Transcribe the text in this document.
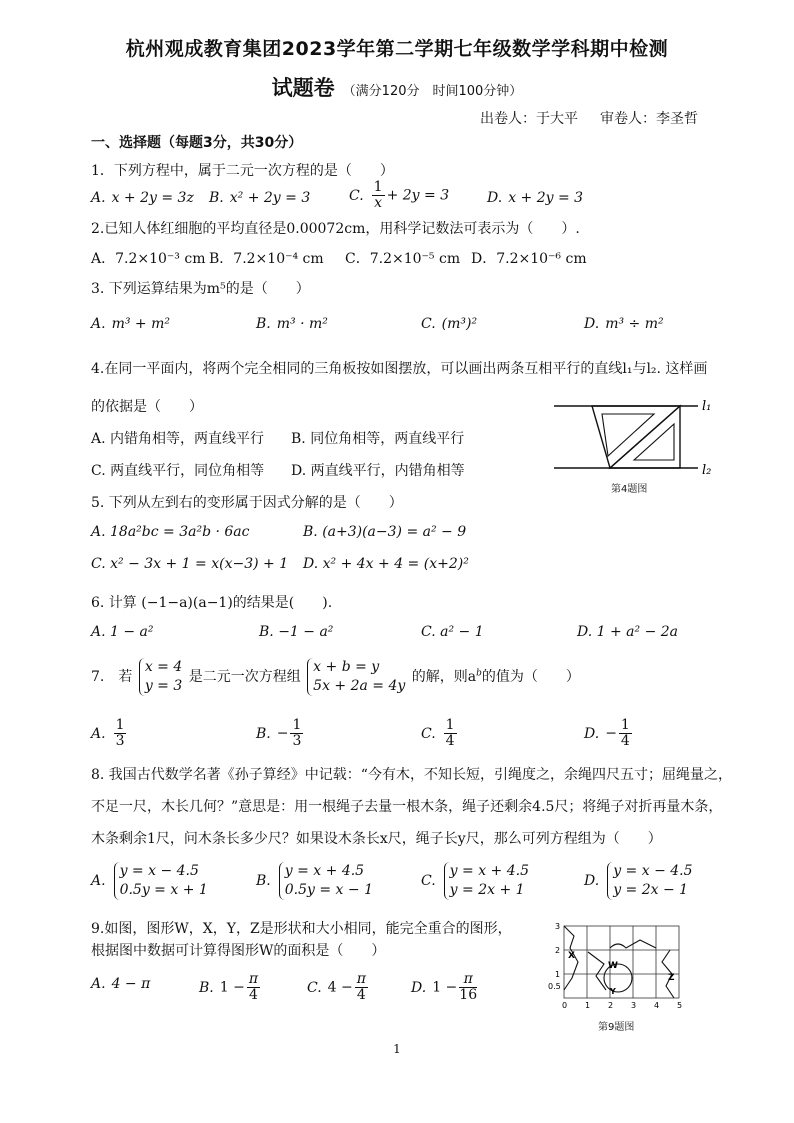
杭州观成教育集团2023学年第二学期七年级数学学科期中检测
试题卷 （满分120分　时间100分钟）
出卷人：于大平 审卷人：李圣哲
一、选择题（每题3分，共30分）
1．下列方程中，属于二元一次方程的是（　　）
A. x + 2y = 3z B. x² + 2y = 3	C. $\frac{1}{x} + 2y = 3$	D. x + 2y = 3
2.已知人体红细胞的平均直径是0.00072cm，用科学记数法可表示为（　　）.
A．7.2×10⁻³ cm B．7.2×10⁻⁴ cm C．7.2×10⁻⁵ cm D．7.2×10⁻⁶ cm
3. 下列运算结果为m⁵的是（　　）
A. m³ + m²	B. m³ · m²	C. (m³)²	D. m³ ÷ m²
4.在同一平面内，将两个完全相同的三角板按如图摆放，可以画出两条互相平行的直线l₁与l₂. 这样画
的依据是（　　）
A. 内错角相等，两直线平行 B. 同位角相等，两直线平行
C. 两直线平行，同位角相等 D. 两直线平行，内错角相等
l₁
l₂
第4题图
5. 下列从左到右的变形属于因式分解的是（　　）
A. 18a²bc = 3a²b · 6ac	B. (a+3)(a−3) = a² − 9
C. x² − 3x + 1 = x(x−3) + 1 D. x² + 4x + 4 = (x+2)²
6. 计算 (−1−a)(a−1)的结果是(　　).
A. 1 − a²	B. −1 − a²	C. a² − 1	D. 1 + a² − 2a
7.　若 x = 4
y = 3 是二元一次方程组 x + b = y
5x + 2a = 4y 的解，则$a^b$的值为（　　）
A. $\frac{1}{3}$	B. − $\frac{1}{3}$	C. $\frac{1}{4}$	D. − $\frac{1}{4}$
8. 我国古代数学名著《孙子算经》中记载：“今有木，不知长短，引绳度之，余绳四尺五寸；屈绳量之，
不足一尺，木长几何？”意思是：用一根绳子去量一根木条，绳子还剩余4.5尺；将绳子对折再量木条，
木条剩余1尺，问木条长多少尺？如果设木条长x尺，绳子长y尺，那么可列方程组为（　　）
A.y = x − 4.5
0.5y = x + 1
B.y = x + 4.5
0.5y = x − 1
C.y = x + 4.5
y = 2x + 1
D.y = x − 4.5
y = 2x − 1
9.如图，图形W，X，Y，Z是形状和大小相同，能完全重合的图形，
根据图中数据可计算得图形W的面积是（　　）
A. 4 − π	B. $1 - \frac{\pi}{4}$	C. $4 - \frac{\pi}{4}$	D. $1 - \frac{\pi}{16}$
X
W
Z
Y
0 1 2 3 4 5
3
2
1
0.5
第9题图
1
